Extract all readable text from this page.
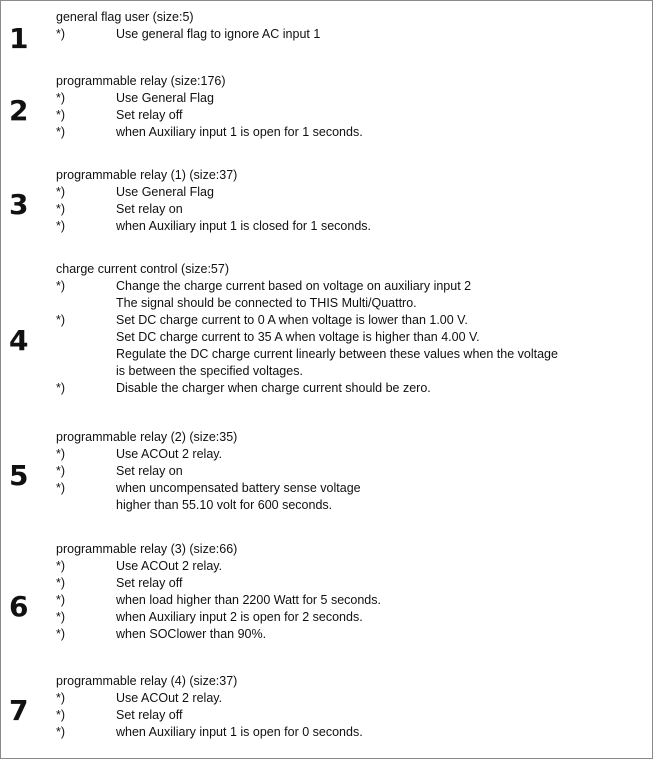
1
general flag user (size:5)
*)	Use general flag to ignore AC input 1
2
programmable relay (size:176)
*)	Use General Flag
*)	Set relay off
*)	when Auxiliary input 1 is open for 1 seconds.
3
programmable relay (1) (size:37)
*)	Use General Flag
*)	Set relay on
*)	when Auxiliary input 1 is closed for 1 seconds.
4
charge current control (size:57)
*)	Change the charge current based on voltage on auxiliary input 2
The signal should be connected to THIS Multi/Quattro.
*)	Set DC charge current to 0 A when voltage is lower than 1.00 V.
Set DC charge current to 35 A when voltage is higher than 4.00 V.
Regulate the DC charge current linearly between these values when the voltage
is between the specified voltages.
*)	Disable the charger when charge current should be zero.
5
programmable relay (2) (size:35)
*)	Use ACOut 2 relay.
*)	Set relay on
*)	when uncompensated battery sense voltage
higher than 55.10 volt for 600 seconds.
6
programmable relay (3) (size:66)
*)	Use ACOut 2 relay.
*)	Set relay off
*)	when load higher than 2200 Watt for 5 seconds.
*)	when Auxiliary input 2 is open for 2 seconds.
*)	when SOClower than 90%.
7
programmable relay (4) (size:37)
*)	Use ACOut 2 relay.
*)	Set relay off
*)	when Auxiliary input 1 is open for 0 seconds.
